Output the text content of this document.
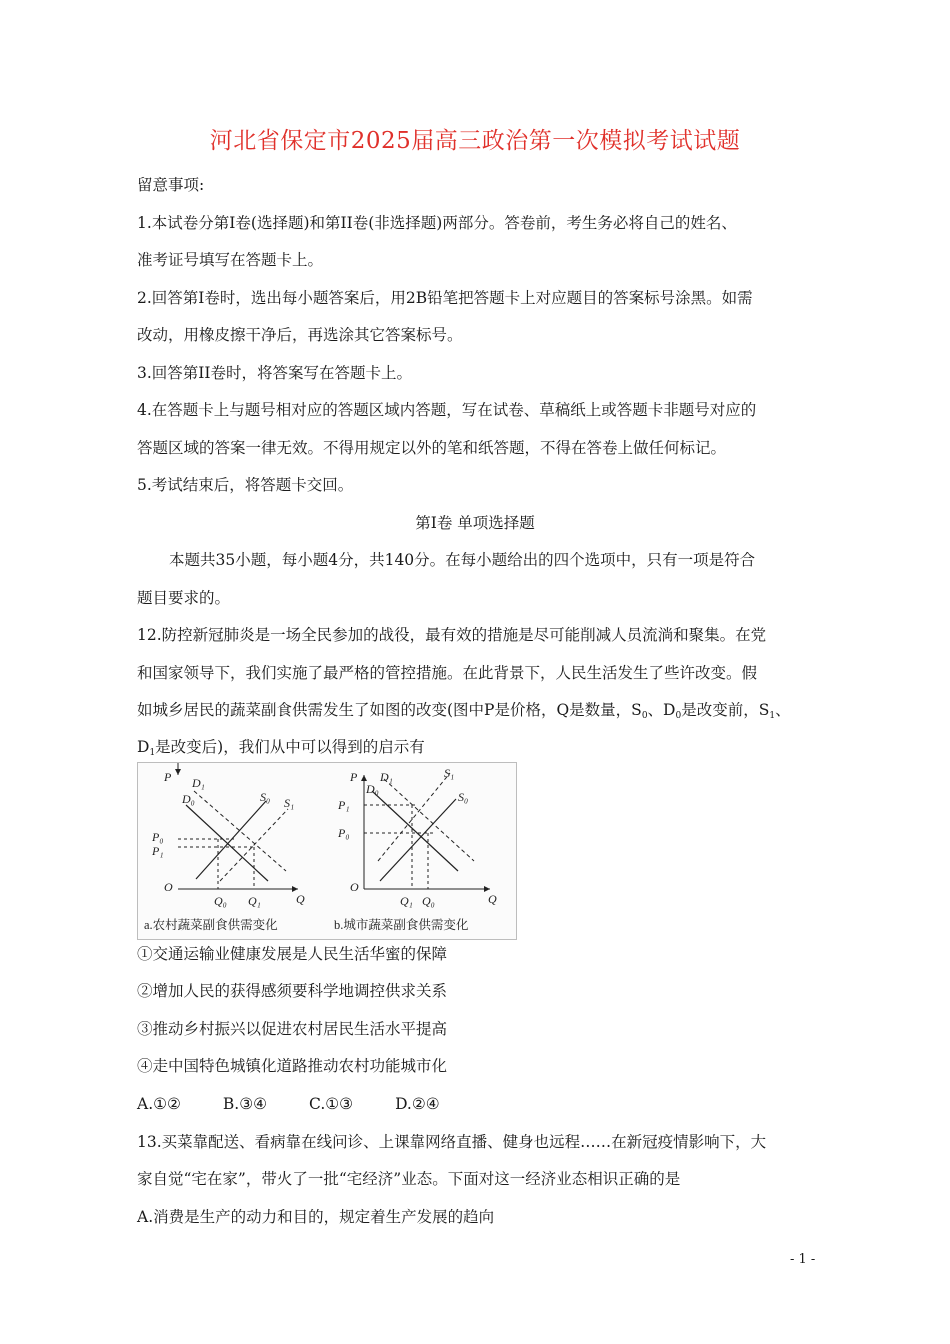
河北省保定市2025届高三政治第一次模拟考试试题
留意事项:
1.本试卷分第I卷(选择题)和第II卷(非选择题)两部分。答卷前，考生务必将自己的姓名、
准考证号填写在答题卡上。
2.回答第I卷时，选出每小题答案后，用2B铅笔把答题卡上对应题目的答案标号涂黑。如需
改动，用橡皮擦干净后，再选涂其它答案标号。
3.回答第II卷时，将答案写在答题卡上。
4.在答题卡上与题号相对应的答题区域内答题，写在试卷、草稿纸上或答题卡非题号对应的
答题区域的答案一律无效。不得用规定以外的笔和纸答题，不得在答卷上做任何标记。
5.考试结束后，将答题卡交回。
第I卷 单项选择题
本题共35小题，每小题4分，共140分。在每小题给出的四个选项中，只有一项是符合
题目要求的。
12.防控新冠肺炎是一场全民参加的战役，最有效的措施是尽可能削减人员流淌和聚集。在党
和国家领导下，我们实施了最严格的管控措施。在此背景下，人民生活发生了些许改变。假
如城乡居民的蔬菜副食供需发生了如图的改变(图中P是价格，Q是数量，$S_0$、$D_0$是改变前，$S_1$、
$D_1$是改变后)，我们从中可以得到的启示有
P
O
Q
D₀
D₁
S₀ S₁
P₀
P₁
Q₀ Q₁
a.农村蔬菜副食供需变化
P
O
Q
D₀
D₁
S₀
S₁
P₁
P₀
Q₁ Q₀
b.城市蔬菜副食供需变化
①交通运输业健康发展是人民生活华蜜的保障
②增加人民的获得感须要科学地调控供求关系
③推动乡村振兴以促进农村居民生活水平提高
④走中国特色城镇化道路推动农村功能城市化
A.①②	B.③④	C.①③	D.②④
13.买菜靠配送、看病靠在线问诊、上课靠网络直播、健身也远程……在新冠疫情影响下，大
家自觉“宅在家”，带火了一批“宅经济”业态。下面对这一经济业态相识正确的是
A.消费是生产的动力和目的，规定着生产发展的趋向
- 1 -
